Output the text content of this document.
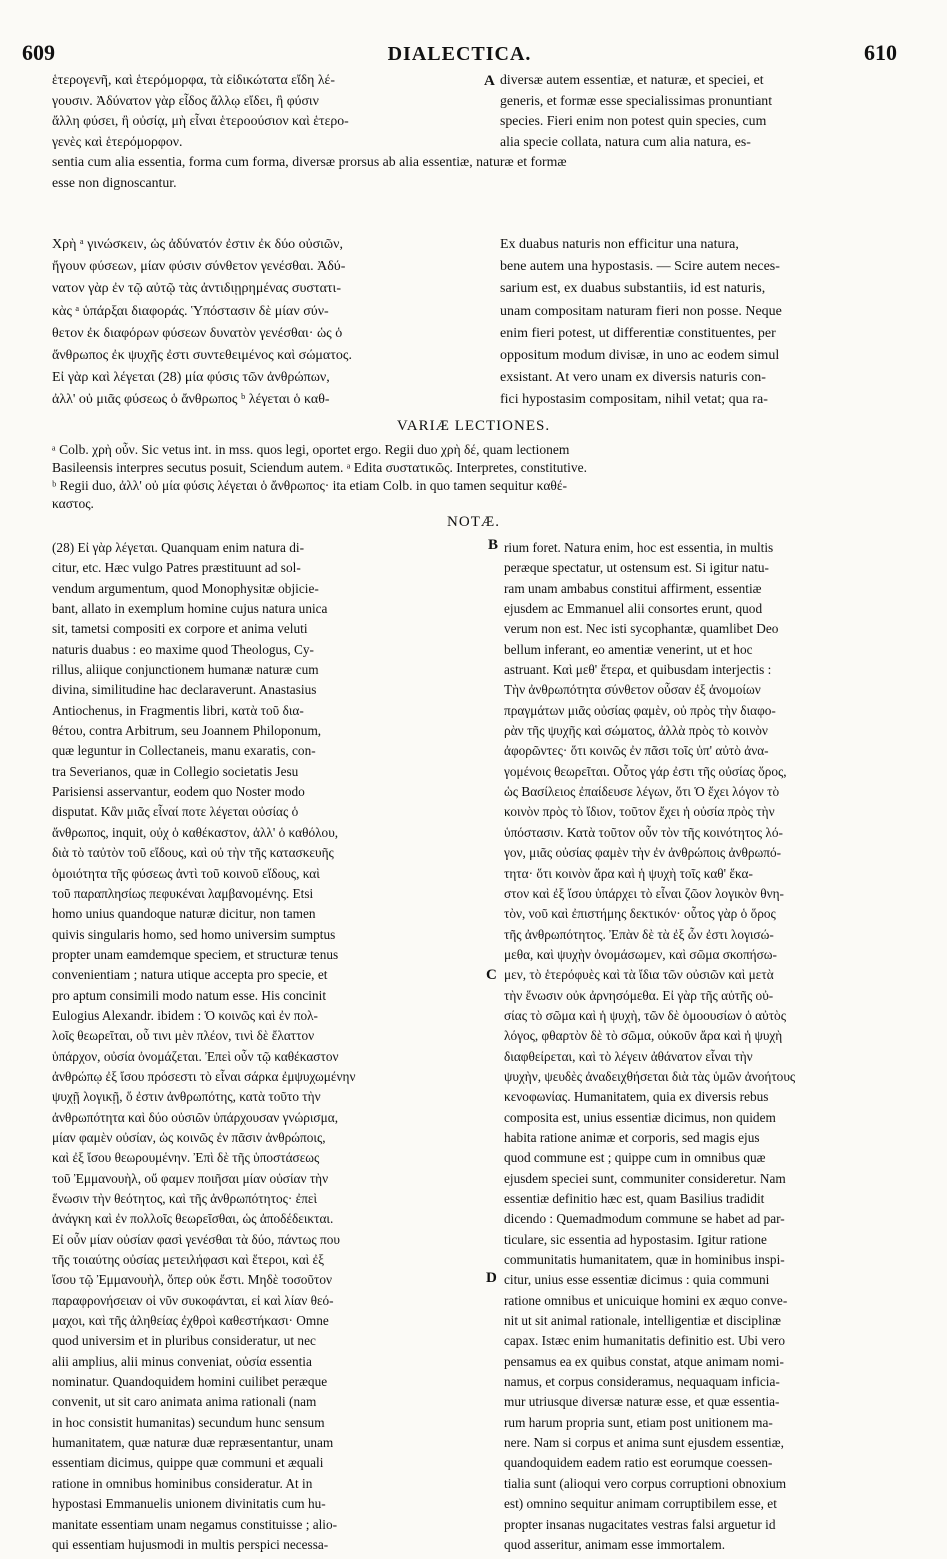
609	DIALECTICA.	610
A
B
C
D
ἑτερογενῆ, καὶ ἑτερόμορφα, τὰ εἰδικώτατα εἴδη λέ-
γουσιν. Ἀδύνατον γὰρ εἶδος ἄλλῳ εἴδει, ἢ φύσιν
ἄλλη φύσει, ἢ οὐσίᾳ, μὴ εἶναι ἑτεροούσιον καὶ ἑτερο-
γενὲς καὶ ἑτερόμορφον.
diversæ autem essentiæ, et naturæ, et speciei, et
generis, et formæ esse specialissimas pronuntiant
species. Fieri enim non potest quin species, cum
alia specie collata, natura cum alia natura, es-
sentia cum alia essentia, forma cum forma, diversæ prorsus ab alia essentiæ, naturæ et formæ
esse non dignoscantur.
Χρὴ ᵃ γινώσκειν, ὡς ἀδύνατόν ἐστιν ἐκ δύο οὐσιῶν,
ἤγουν φύσεων, μίαν φύσιν σύνθετον γενέσθαι. Ἀδύ-
νατον γὰρ ἐν τῷ αὐτῷ τὰς ἀντιδιῃρημένας συστατι-
κὰς ᵃ ὑπάρξαι διαφοράς. Ὑπόστασιν δὲ μίαν σύν-
θετον ἐκ διαφόρων φύσεων δυνατὸν γενέσθαι· ὡς ὁ
ἄνθρωπος ἐκ ψυχῆς ἐστι συντεθειμένος καὶ σώματος.
Εἰ γὰρ καὶ λέγεται (28) μία φύσις τῶν ἀνθρώπων,
ἀλλ' οὐ μιᾶς φύσεως ὁ ἄνθρωπος ᵇ λέγεται ὁ καθ-
Ex duabus naturis non efficitur una natura,
bene autem una hypostasis. — Scire autem neces-
sarium est, ex duabus substantiis, id est naturis,
unam compositam naturam fieri non posse. Neque
enim fieri potest, ut differentiæ constituentes, per
oppositum modum divisæ, in uno ac eodem simul
exsistant. At vero unam ex diversis naturis con-
fici hypostasim compositam, nihil vetat; qua ra-
VARIÆ LECTIONES.
ᵃ Colb. χρὴ οὖν. Sic vetus int. in mss. quos legi, oportet ergo. Regii duo χρὴ δέ, quam lectionem
Basileensis interpres secutus posuit, Sciendum autem. ᵃ Edita συστατικῶς. Interpretes, constitutive.
ᵇ Regii duo, ἀλλ' οὐ μία φύσις λέγεται ὁ ἄνθρωπος· ita etiam Colb. in quo tamen sequitur καθέ-
καστος.
NOTÆ.
(28) Εἰ γὰρ λέγεται. Quanquam enim natura di-
citur, etc. Hæc vulgo Patres præstituunt ad sol-
vendum argumentum, quod Monophysitæ objicie-
bant, allato in exemplum homine cujus natura unica
sit, tametsi compositi ex corpore et anima veluti
naturis duabus : eo maxime quod Theologus, Cy-
rillus, aliique conjunctionem humanæ naturæ cum
divina, similitudine hac declaraverunt. Anastasius
Antiochenus, in Fragmentis libri, κατὰ τοῦ δια-
θέτου, contra Arbitrum, seu Joannem Philoponum,
quæ leguntur in Collectaneis, manu exaratis, con-
tra Severianos, quæ in Collegio societatis Jesu
Parisiensi asservantur, eodem quo Noster modo
disputat. Κἂν μιᾶς εἶναί ποτε λέγεται οὐσίας ὁ
ἄνθρωπος, inquit, οὐχ ὁ καθέκαστον, ἀλλ' ὁ καθόλου,
διὰ τὸ ταὐτὸν τοῦ εἴδους, καὶ οὐ τὴν τῆς κατασκευῆς
ὁμοιότητα τῆς φύσεως ἀντὶ τοῦ κοινοῦ εἴδους, καὶ
τοῦ παραπλησίως πεφυκέναι λαμβανομένης. Etsi
homo unius quandoque naturæ dicitur, non tamen
quivis singularis homo, sed homo universim sumptus
propter unam eamdemque speciem, et structuræ tenus
convenientiam ; natura utique accepta pro specie, et
pro aptum consimili modo natum esse. His concinit
Eulogius Alexandr. ibidem : Ὁ κοινῶς καὶ ἐν πολ-
λοῖς θεωρεῖται, οὗ τινι μὲν πλέον, τινὶ δὲ ἔλαττον
ὑπάρχον, οὐσία ὀνομάζεται. Ἐπεὶ οὖν τῷ καθέκαστον
ἀνθρώπῳ ἐξ ἴσου πρόσεστι τὸ εἶναι σάρκα ἐμψυχωμένην
ψυχῇ λογικῇ, ὅ ἐστιν ἀνθρωπότης, κατὰ τοῦτο τὴν
ἀνθρωπότητα καὶ δύο οὐσιῶν ὑπάρχουσαν γνώρισμα,
μίαν φαμὲν οὐσίαν, ὡς κοινῶς ἐν πᾶσιν ἀνθρώποις,
καὶ ἐξ ἴσου θεωρουμένην. Ἐπὶ δὲ τῆς ὑποστάσεως
τοῦ Ἐμμανουὴλ, οὔ φαμεν ποιῆσαι μίαν οὐσίαν τὴν
ἕνωσιν τὴν θεότητος, καὶ τῆς ἀνθρωπότητος· ἐπεὶ
ἀνάγκη καὶ ἐν πολλοῖς θεωρεῖσθαι, ὡς ἀποδέδεικται.
Εἰ οὖν μίαν οὐσίαν φασὶ γενέσθαι τὰ δύο, πάντως που
τῆς τοιαύτης οὐσίας μετειλήφασι καὶ ἕτεροι, καὶ ἐξ
ἴσου τῷ Ἐμμανουὴλ, ὅπερ οὐκ ἔστι. Μηδὲ τοσοῦτον
παραφρονήσειαν οἱ νῦν συκοφάνται, εἰ καὶ λίαν θεό-
μαχοι, καὶ τῆς ἀληθείας ἐχθροὶ καθεστήκασι· Omne
quod universim et in pluribus consideratur, ut nec
alii amplius, alii minus conveniat, οὐσία essentia
nominatur. Quandoquidem homini cuilibet peræque
convenit, ut sit caro animata anima rationali (nam
in hoc consistit humanitas) secundum hunc sensum
humanitatem, quæ naturæ duæ repræsentantur, unam
essentiam dicimus, quippe quæ communi et æquali
ratione in omnibus hominibus consideratur. At in
hypostasi Emmanuelis unionem divinitatis cum hu-
manitate essentiam unam negamus constituisse ; alio-
qui essentiam hujusmodi in multis perspici necessa-
rium foret. Natura enim, hoc est essentia, in multis
peræque spectatur, ut ostensum est. Si igitur natu-
ram unam ambabus constitui affirment, essentiæ
ejusdem ac Emmanuel alii consortes erunt, quod
verum non est. Nec isti sycophantæ, quamlibet Deo
bellum inferant, eo amentiæ venerint, ut et hoc
astruant. Καὶ μεθ' ἕτερα, et quibusdam interjectis :
Τὴν ἀνθρωπότητα σύνθετον οὖσαν ἐξ ἀνομοίων
πραγμάτων μιᾶς οὐσίας φαμὲν, οὐ πρὸς τὴν διαφο-
ρὰν τῆς ψυχῆς καὶ σώματος, ἀλλὰ πρὸς τὸ κοινὸν
ἀφορῶντες· ὅτι κοινῶς ἐν πᾶσι τοῖς ὑπ' αὐτὸ ἀνα-
γομένοις θεωρεῖται. Οὗτος γάρ ἐστι τῆς οὐσίας ὅρος,
ὡς Βασίλειος ἐπαίδευσε λέγων, ὅτι Ὁ ἔχει λόγον τὸ
κοινὸν πρὸς τὸ ἴδιον, τοῦτον ἔχει ἡ οὐσία πρὸς τὴν
ὑπόστασιν. Κατὰ τοῦτον οὖν τὸν τῆς κοινότητος λό-
γον, μιᾶς οὐσίας φαμὲν τὴν ἐν ἀνθρώποις ἀνθρωπό-
τητα· ὅτι κοινὸν ἄρα καὶ ἡ ψυχὴ τοῖς καθ' ἕκα-
στον καὶ ἐξ ἴσου ὑπάρχει τὸ εἶναι ζῶον λογικὸν θνη-
τὸν, νοῦ καὶ ἐπιστήμης δεκτικόν· οὗτος γὰρ ὁ ὅρος
τῆς ἀνθρωπότητος. Ἐπὰν δὲ τὰ ἐξ ὧν ἐστι λογισώ-
μεθα, καὶ ψυχὴν ὀνομάσωμεν, καὶ σῶμα σκοπήσω-
μεν, τὸ ἑτερόφυὲς καὶ τὰ ἴδια τῶν οὐσιῶν καὶ μετὰ
τὴν ἕνωσιν οὐκ ἀρνησόμεθα. Εἰ γὰρ τῆς αὐτῆς οὐ-
σίας τὸ σῶμα καὶ ἡ ψυχὴ, τῶν δὲ ὁμοουσίων ὁ αὐτὸς
λόγος, φθαρτὸν δὲ τὸ σῶμα, οὐκοῦν ἄρα καὶ ἡ ψυχὴ
διαφθείρεται, καὶ τὸ λέγειν ἀθάνατον εἶναι τὴν
ψυχὴν, ψευδὲς ἀναδειχθήσεται διὰ τὰς ὑμῶν ἀνοήτους
κενοφωνίας. Humanitatem, quia ex diversis rebus
composita est, unius essentiæ dicimus, non quidem
habita ratione animæ et corporis, sed magis ejus
quod commune est ; quippe cum in omnibus quæ
ejusdem speciei sunt, communiter consideretur. Nam
essentiæ definitio hæc est, quam Basilius tradidit
dicendo : Quemadmodum commune se habet ad par-
ticulare, sic essentia ad hypostasim. Igitur ratione
communitatis humanitatem, quæ in hominibus inspi-
citur, unius esse essentiæ dicimus : quia communi
ratione omnibus et unicuique homini ex æquo conve-
nit ut sit animal rationale, intelligentiæ et disciplinæ
capax. Istæc enim humanitatis definitio est. Ubi vero
pensamus ea ex quibus constat, atque animam nomi-
namus, et corpus consideramus, nequaquam inficia-
mur utriusque diversæ naturæ esse, et quæ essentia-
rum harum propria sunt, etiam post unitionem ma-
nere. Nam si corpus et anima sunt ejusdem essentiæ,
quandoquidem eadem ratio est eorumque coessen-
tialia sunt (alioqui vero corpus corruptioni obnoxium
est) omnino sequitur animam corruptibilem esse, et
propter insanas nugacitates vestras falsi arguetur id
quod asseritur, animam esse immortalem.
